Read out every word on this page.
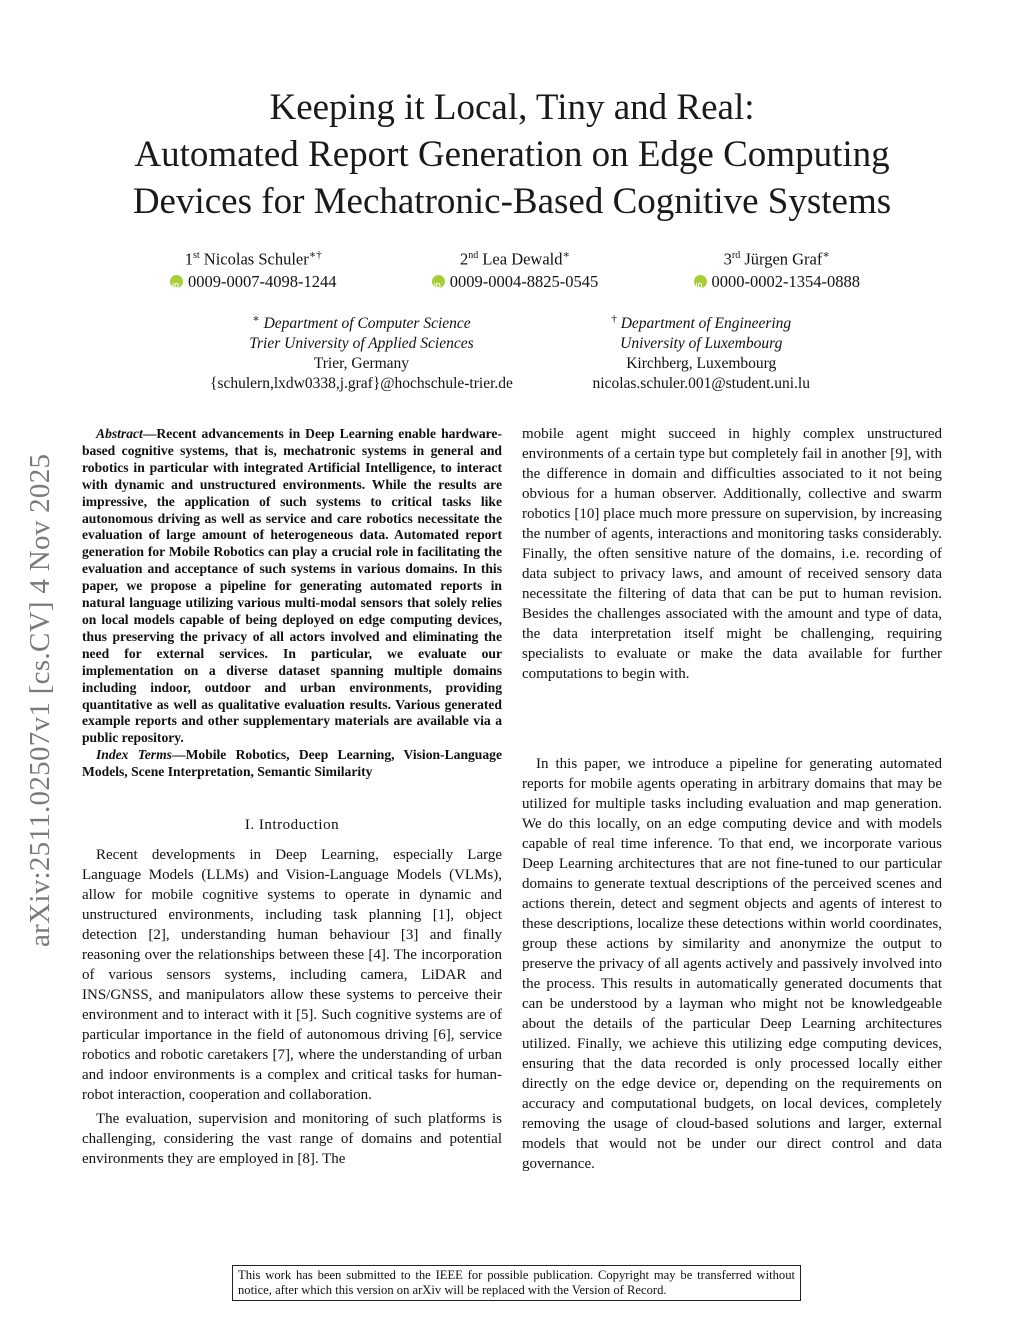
arXiv:2511.02507v1 [cs.CV] 4 Nov 2025
Keeping it Local, Tiny and Real:
Automated Report Generation on Edge Computing
Devices for Mechatronic-Based Cognitive Systems
1st Nicolas Schuler∗†
iD0009-0007-4098-1244
2nd Lea Dewald∗
iD0009-0004-8825-0545
3rd Jürgen Graf∗
iD0000-0002-1354-0888
∗ Department of Computer Science
Trier University of Applied Sciences
Trier, Germany
{schulern,lxdw0338,j.graf}@hochschule-trier.de
† Department of Engineering
University of Luxembourg
Kirchberg, Luxembourg
nicolas.schuler.001@student.uni.lu

Abstract—Recent advancements in Deep Learning enable hardware-based cognitive systems, that is, mechatronic systems in general and robotics in particular with integrated Artificial Intelligence, to interact with dynamic and unstructured environments. While the results are impressive, the application of such systems to critical tasks like autonomous driving as well as service and care robotics necessitate the evaluation of large amount of heterogeneous data. Automated report generation for Mobile Robotics can play a crucial role in facilitating the evaluation and acceptance of such systems in various domains. In this paper, we propose a pipeline for generating automated reports in natural language utilizing various multi-modal sensors that solely relies on local models capable of being deployed on edge computing devices, thus preserving the privacy of all actors involved and eliminating the need for external services. In particular, we evaluate our implementation on a diverse dataset spanning multiple domains including indoor, outdoor and urban environments, providing quantitative as well as qualitative evaluation results. Various generated example reports and other supplementary materials are available via a public repository.

Index Terms—Mobile Robotics, Deep Learning, Vision-Language Models, Scene Interpretation, Semantic Similarity

I. Introduction

Recent developments in Deep Learning, especially Large Language Models (LLMs) and Vision-Language Models (VLMs), allow for mobile cognitive systems to operate in dynamic and unstructured environments, including task planning [1], object detection [2], understanding human behaviour [3] and finally reasoning over the relationships between these [4]. The incorporation of various sensors systems, including camera, LiDAR and INS/GNSS, and manipulators allow these systems to perceive their environment and to interact with it [5]. Such cognitive systems are of particular importance in the field of autonomous driving [6], service robotics and robotic caretakers [7], where the understanding of urban and indoor environments is a complex and critical tasks for human-robot interaction, cooperation and collaboration.

The evaluation, supervision and monitoring of such platforms is challenging, considering the vast range of domains and potential environments they are employed in [8]. The

mobile agent might succeed in highly complex unstructured environments of a certain type but completely fail in another [9], with the difference in domain and difficulties associated to it not being obvious for a human observer. Additionally, collective and swarm robotics [10] place much more pressure on supervision, by increasing the number of agents, interactions and monitoring tasks considerably. Finally, the often sensitive nature of the domains, i.e. recording of data subject to privacy laws, and amount of received sensory data necessitate the filtering of data that can be put to human revision. Besides the challenges associated with the amount and type of data, the data interpretation itself might be challenging, requiring specialists to evaluate or make the data available for further computations to begin with.

In this paper, we introduce a pipeline for generating automated reports for mobile agents operating in arbitrary domains that may be utilized for multiple tasks including evaluation and map generation. We do this locally, on an edge computing device and with models capable of real time inference. To that end, we incorporate various Deep Learning architectures that are not fine-tuned to our particular domains to generate textual descriptions of the perceived scenes and actions therein, detect and segment objects and agents of interest to these descriptions, localize these detections within world coordinates, group these actions by similarity and anonymize the output to preserve the privacy of all agents actively and passively involved into the process. This results in automatically generated documents that can be understood by a layman who might not be knowledgeable about the details of the particular Deep Learning architectures utilized. Finally, we achieve this utilizing edge computing devices, ensuring that the data recorded is only processed locally either directly on the edge device or, depending on the requirements on accuracy and computational budgets, on local devices, completely removing the usage of cloud-based solutions and larger, external models that would not be under our direct control and data governance.

This work has been submitted to the IEEE for possible publication. Copyright may be transferred without notice, after which this version on arXiv will be replaced with the Version of Record.
